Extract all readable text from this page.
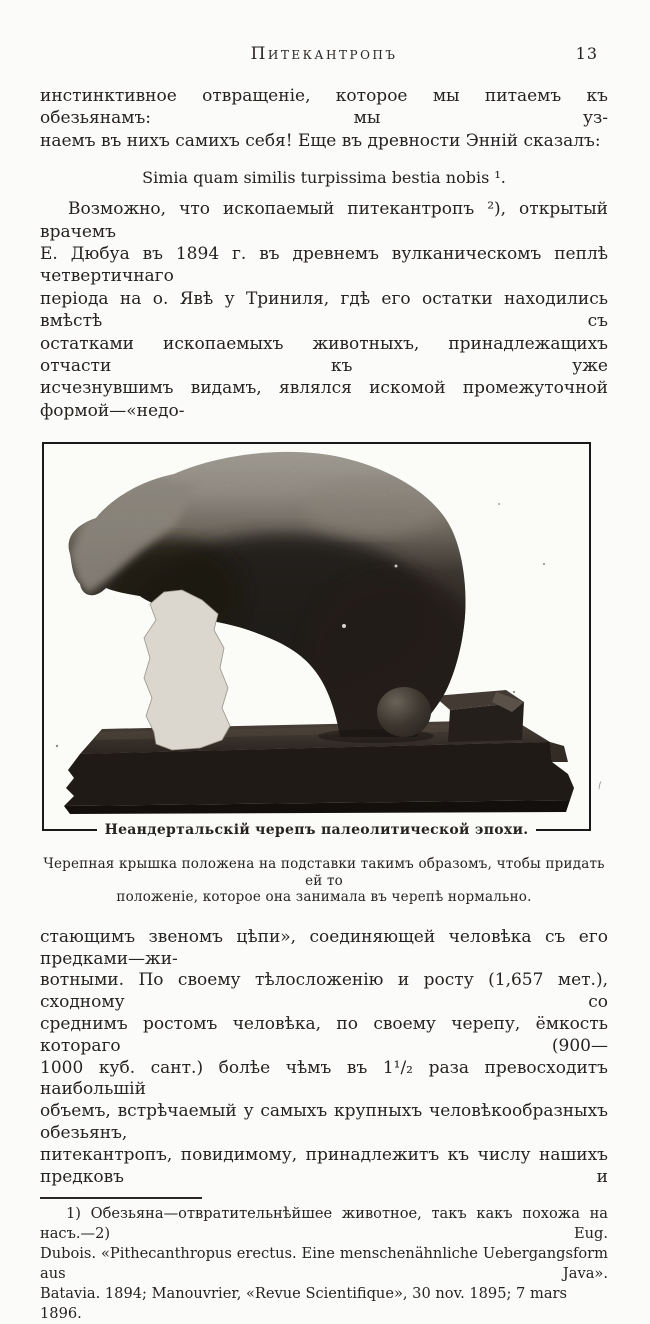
Питекантропъ	13
инстинктивное отвращеніе, которое мы питаемъ къ обезьянамъ: мы уз-
наемъ въ нихъ самихъ себя! Еще въ древности Энній сказалъ:
Simia quam similis turpissima bestia nobis ¹.
Возможно, что ископаемый питекантропъ ²), открытый врачемъ
Е. Дюбуа въ 1894 г. въ древнемъ вулканическомъ пеплѣ четвертичнаго
періода на о. Явѣ у Триниля, гдѣ его остатки находились вмѣстѣ съ
остатками ископаемыхъ животныхъ, принадлежащихъ отчасти къ уже
исчезнувшимъ видамъ, являлся искомой промежуточной формой—«недо-
Неандертальскій черепъ палеолитической эпохи.
Черепная крышка положена на подставки такимъ образомъ, чтобы придать ей то
положеніе, которое она занимала въ черепѣ нормально.
стающимъ звеномъ цѣпи», соединяющей человѣка съ его предками—жи-
вотными. По своему тѣлосложенію и росту (1,657 мет.), сходному со
среднимъ ростомъ человѣка, по своему черепу, ёмкость котораго (900—
1000 куб. сант.) болѣе чѣмъ въ 1¹/₂ раза превосходитъ наибольшій
объемъ, встрѣчаемый у самыхъ крупныхъ человѣкообразныхъ обезьянъ,
питекантропъ, повидимому, принадлежитъ къ числу нашихъ предковъ и
1) Обезьяна—отвратительнѣйшее животное, такъ какъ похожа на насъ.—2) Eug.
Dubois. «Pithecanthropus erectus. Eine menschenähnliche Uebergangsform aus Java».
Batavia. 1894; Manouvrier, «Revue Scientifique», 30 nov. 1895; 7 mars 1896.
